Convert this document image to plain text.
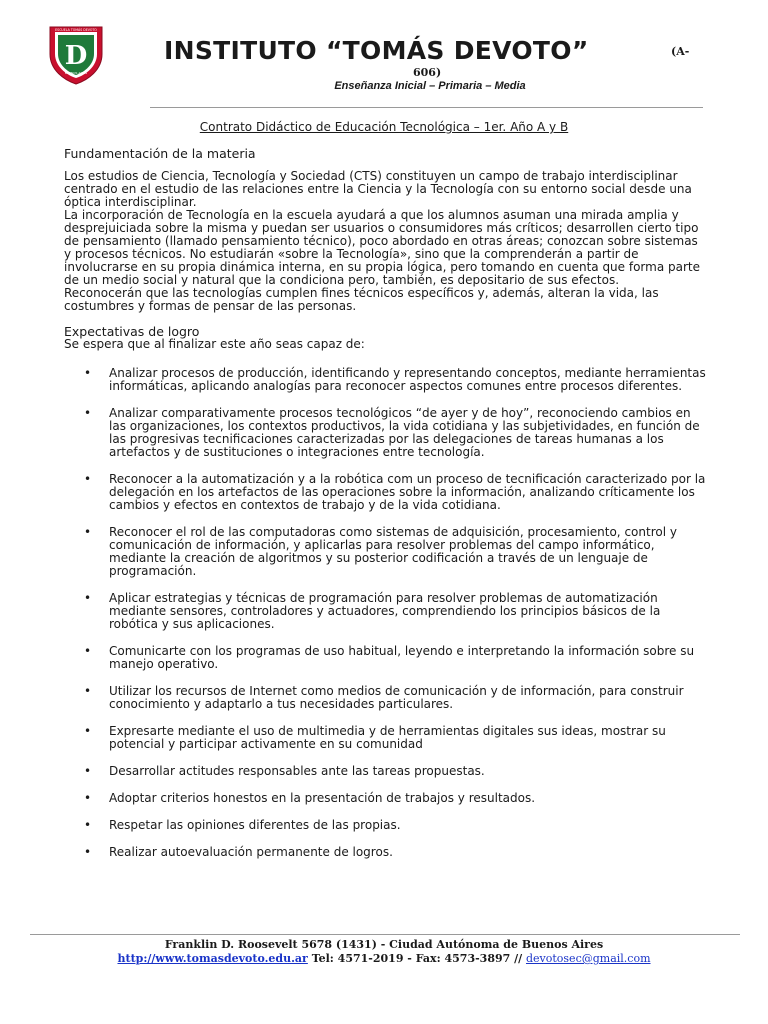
D
ESCUELA TOMÁS DEVOTO
BUENOS AIRES
INSTITUTO “TOMÁS DEVOTO”	(A-
606)
Enseñanza Inicial – Primaria – Media
Contrato Didáctico de Educación Tecnológica – 1er. Año A y B
Fundamentación de la materia

Los estudios de Ciencia, Tecnología y Sociedad (CTS) constituyen un campo de trabajo interdisciplinar centrado en el estudio de las relaciones entre la Ciencia y la Tecnología con su entorno social desde una óptica interdisciplinar.

La incorporación de Tecnología en la escuela ayudará a que los alumnos asuman una mirada amplia y desprejuiciada sobre la misma y puedan ser usuarios o consumidores más críticos; desarrollen cierto tipo de pensamiento (llamado pensamiento técnico), poco abordado en otras áreas; conozcan sobre sistemas y procesos técnicos. No estudiarán «sobre la Tecnología», sino que la comprenderán a partir de involucrarse en su propia dinámica interna, en su propia lógica, pero tomando en cuenta que forma parte de un medio social y natural que la condiciona pero, también, es depositario de sus efectos.

Reconocerán que las tecnologías cumplen fines técnicos específicos y, además, alteran la vida, las costumbres y formas de pensar de las personas.

Expectativas de logro

Se espera que al finalizar este año seas capaz de:

• Analizar procesos de producción, identificando y representando conceptos, mediante herramientas informáticas, aplicando analogías para reconocer aspectos comunes entre procesos diferentes.
• Analizar comparativamente procesos tecnológicos “de ayer y de hoy”, reconociendo cambios en las organizaciones, los contextos productivos, la vida cotidiana y las subjetividades, en función de las progresivas tecnificaciones caracterizadas por las delegaciones de tareas humanas a los artefactos y de sustituciones o integraciones entre tecnología.
• Reconocer a la automatización y a la robótica com un proceso de tecnificación caracterizado por la delegación en los artefactos de las operaciones sobre la información, analizando críticamente los cambios y efectos en contextos de trabajo y de la vida cotidiana.
• Reconocer el rol de las computadoras como sistemas de adquisición, procesamiento, control y comunicación de información, y aplicarlas para resolver problemas del campo informático, mediante la creación de algoritmos y su posterior codificación a través de un lenguaje de programación.
• Aplicar estrategias y técnicas de programación para resolver problemas de automatización mediante sensores, controladores y actuadores, comprendiendo los principios básicos de la robótica y sus aplicaciones.
• Comunicarte con los programas de uso habitual, leyendo e interpretando la información sobre su manejo operativo.
• Utilizar los recursos de Internet como medios de comunicación y de información, para construir conocimiento y adaptarlo a tus necesidades particulares.
• Expresarte mediante el uso de multimedia y de herramientas digitales sus ideas, mostrar su potencial y participar activamente en su comunidad
• Desarrollar actitudes responsables ante las tareas propuestas.
• Adoptar criterios honestos en la presentación de trabajos y resultados.
• Respetar las opiniones diferentes de las propias.
• Realizar autoevaluación permanente de logros.
Franklin D. Roosevelt 5678 (1431) - Ciudad Autónoma de Buenos Aires
http://www.tomasdevoto.edu.ar Tel: 4571-2019 - Fax: 4573-3897 // devotosec@gmail.com
